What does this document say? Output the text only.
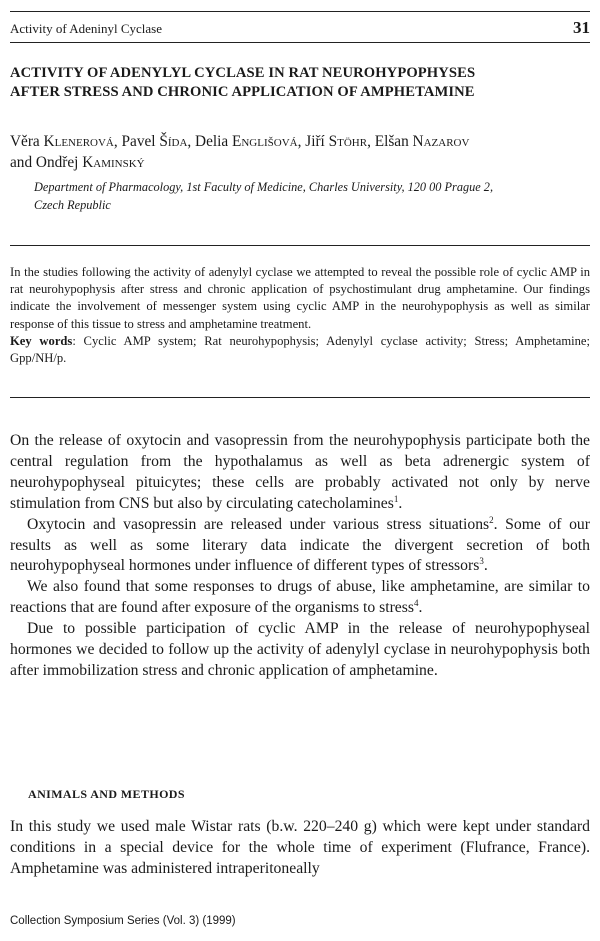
Activity of Adeninyl Cyclase	31
ACTIVITY OF ADENYLYL CYCLASE IN RAT NEUROHYPOPHYSES
AFTER STRESS AND CHRONIC APPLICATION OF AMPHETAMINE
Věra Klenerová, Pavel Šída, Delia Englišová, Jiří Stöhr, Elšan Nazarov
and Ondřej Kaminský
Department of Pharmacology, 1st Faculty of Medicine, Charles University, 120 00 Prague 2,
Czech Republic

In the studies following the activity of adenylyl cyclase we attempted to reveal the possible role of cyclic AMP in rat neurohypophysis after stress and chronic application of psychostimulant drug amphetamine. Our findings indicate the involvement of messenger system using cyclic AMP in the neurohypophysis as well as similar response of this tissue to stress and amphetamine treatment.

Key words: Cyclic AMP system; Rat neurohypophysis; Adenylyl cyclase activity; Stress; Amphetamine; Gpp/NH/p.

On the release of oxytocin and vasopressin from the neurohypophysis participate both the central regulation from the hypothalamus as well as beta adrenergic system of neurohypophyseal pituicytes; these cells are probably activated not only by nerve stimulation from CNS but also by circulating catecholamines$^1$.

Oxytocin and vasopressin are released under various stress situations$^2$. Some of our results as well as some literary data indicate the divergent secretion of both neurohypophyseal hormones under influence of different types of stressors$^3$.

We also found that some responses to drugs of abuse, like amphetamine, are similar to reactions that are found after exposure of the organisms to stress$^4$.

Due to possible participation of cyclic AMP in the release of neurohypophyseal hormones we decided to follow up the activity of adenylyl cyclase in neurohypophysis both after immobilization stress and chronic application of amphetamine.

ANIMALS AND METHODS

In this study we used male Wistar rats (b.w. 220–240 g) which were kept under standard conditions in a special device for the whole time of experiment (Flufrance, France). Amphetamine was administered intraperitoneally

Collection Symposium Series (Vol. 3) (1999)
